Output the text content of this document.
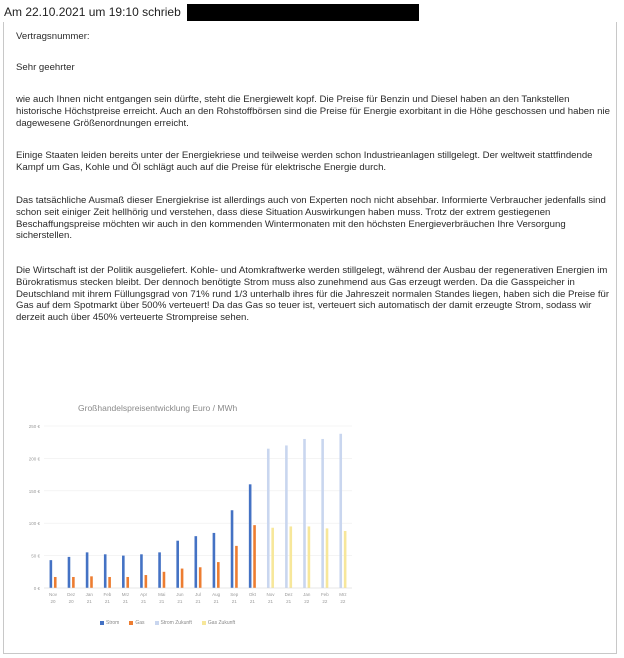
Am 22.10.2021 um 19:10 schrieb

Vertragsnummer:

Sehr geehrter

wie auch Ihnen nicht entgangen sein dürfte, steht die Energiewelt kopf. Die Preise für Benzin und Diesel haben an den Tankstellen historische Höchstpreise erreicht. Auch an den Rohstoffbörsen sind die Preise für Energie exorbitant in die Höhe geschossen und haben nie dagewesene Größenordnungen erreicht.

Einige Staaten leiden bereits unter der Energiekriese und teilweise werden schon Industrieanlagen stillgelegt. Der weltweit stattfindende Kampf um Gas, Kohle und Öl schlägt auch auf die Preise für elektrische Energie durch.

Das tatsächliche Ausmaß dieser Energiekrise ist allerdings auch von Experten noch nicht absehbar. Informierte Verbraucher jedenfalls sind schon seit einiger Zeit hellhörig und verstehen, dass diese Situation Auswirkungen haben muss. Trotz der extrem gestiegenen Beschaffungspreise möchten wir auch in den kommenden Wintermonaten mit den höchsten Energieverbräuchen Ihre Versorgung sicherstellen.

Die Wirtschaft ist der Politik ausgeliefert. Kohle- und Atomkraftwerke werden stillgelegt, während der Ausbau der regenerativen Energien im Bürokratismus stecken bleibt. Der dennoch benötigte Strom muss also zunehmend aus Gas erzeugt werden. Da die Gasspeicher in Deutschland mit ihrem Füllungsgrad von 71% rund 1/3 unterhalb ihres für die Jahreszeit normalen Standes liegen, haben sich die Preise für Gas auf dem Spotmarkt über 500% verteuert! Da das Gas so teuer ist, verteuert sich automatisch der damit erzeugte Strom, sodass wir derzeit auch über 450% verteuerte Strompreise sehen.

Großhandelspreisentwicklung Euro / MWh
0 €
50 €
100 €
150 €
200 €
250 €
Nov
20
Dez
20
Jan
21
Feb
21
Mrz
21
Apr
21
Mai
21
Jun
21
Jul
21
Aug
21
Sep
21
Okt
21
Nov
21
Dez
21
Jan
22
Feb
22
Mrz
22
Strom	Gas	Strom Zukunft	Gas Zukunft
